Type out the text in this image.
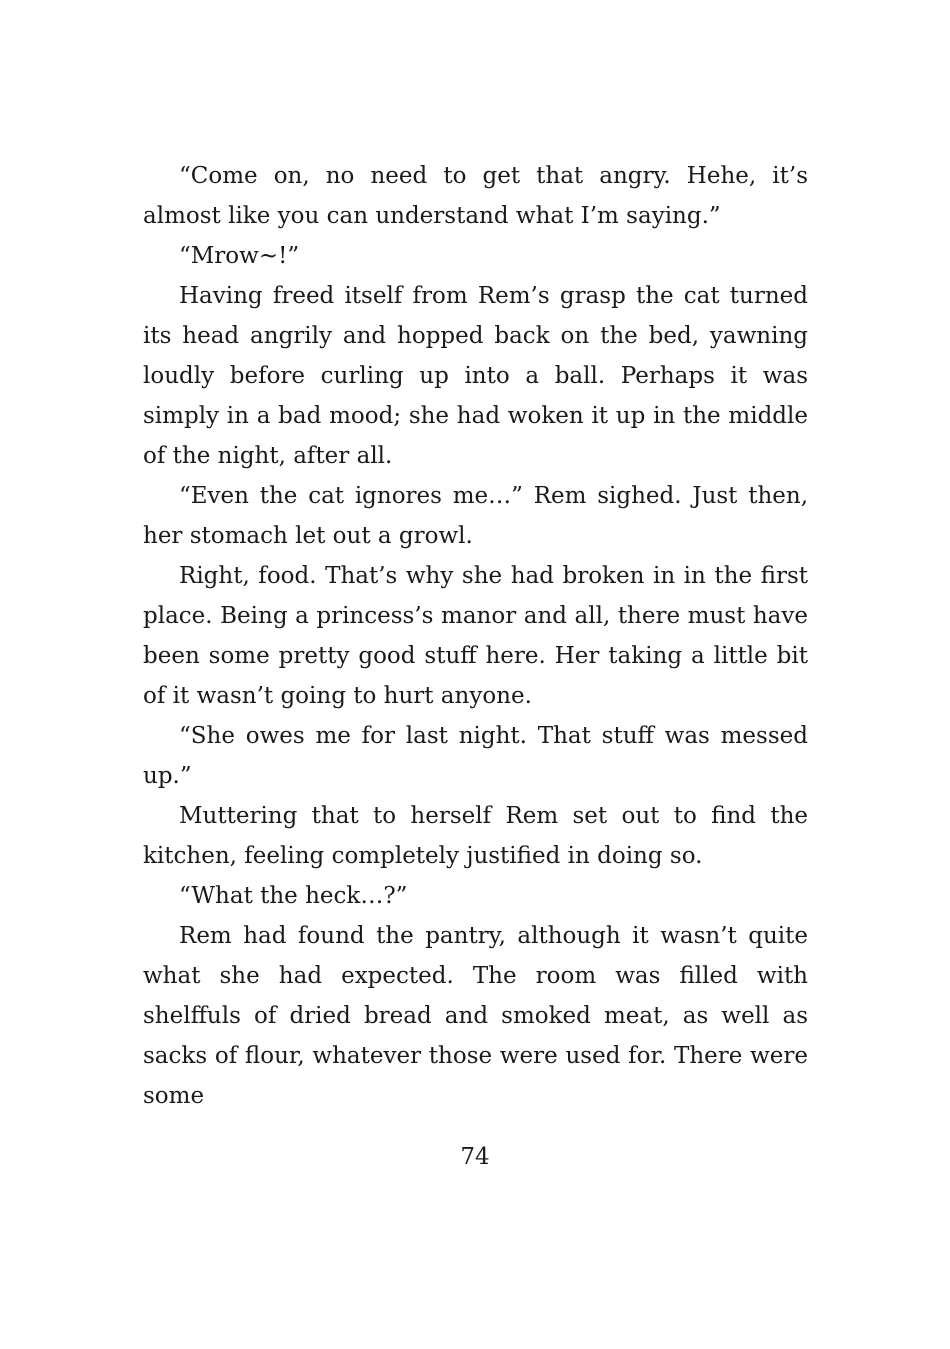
“Come on, no need to get that angry. Hehe, it’s almost like you can understand what I’m saying.”

“Mrow~!”

Having freed itself from Rem’s grasp the cat turned its head angrily and hopped back on the bed, yawning loudly before curling up into a ball. Perhaps it was simply in a bad mood; she had woken it up in the middle of the night, after all.

“Even the cat ignores me…” Rem sighed. Just then, her stomach let out a growl.

Right, food. That’s why she had broken in in the first place. Being a princess’s manor and all, there must have been some pretty good stuff here. Her taking a little bit of it wasn’t going to hurt anyone.

“She owes me for last night. That stuff was messed up.”

Muttering that to herself Rem set out to find the kitchen, feeling completely justified in doing so.

“What the heck…?”

Rem had found the pantry, although it wasn’t quite what she had expected. The room was filled with shelffuls of dried bread and smoked meat, as well as sacks of flour, whatever those were used for. There were some

74
